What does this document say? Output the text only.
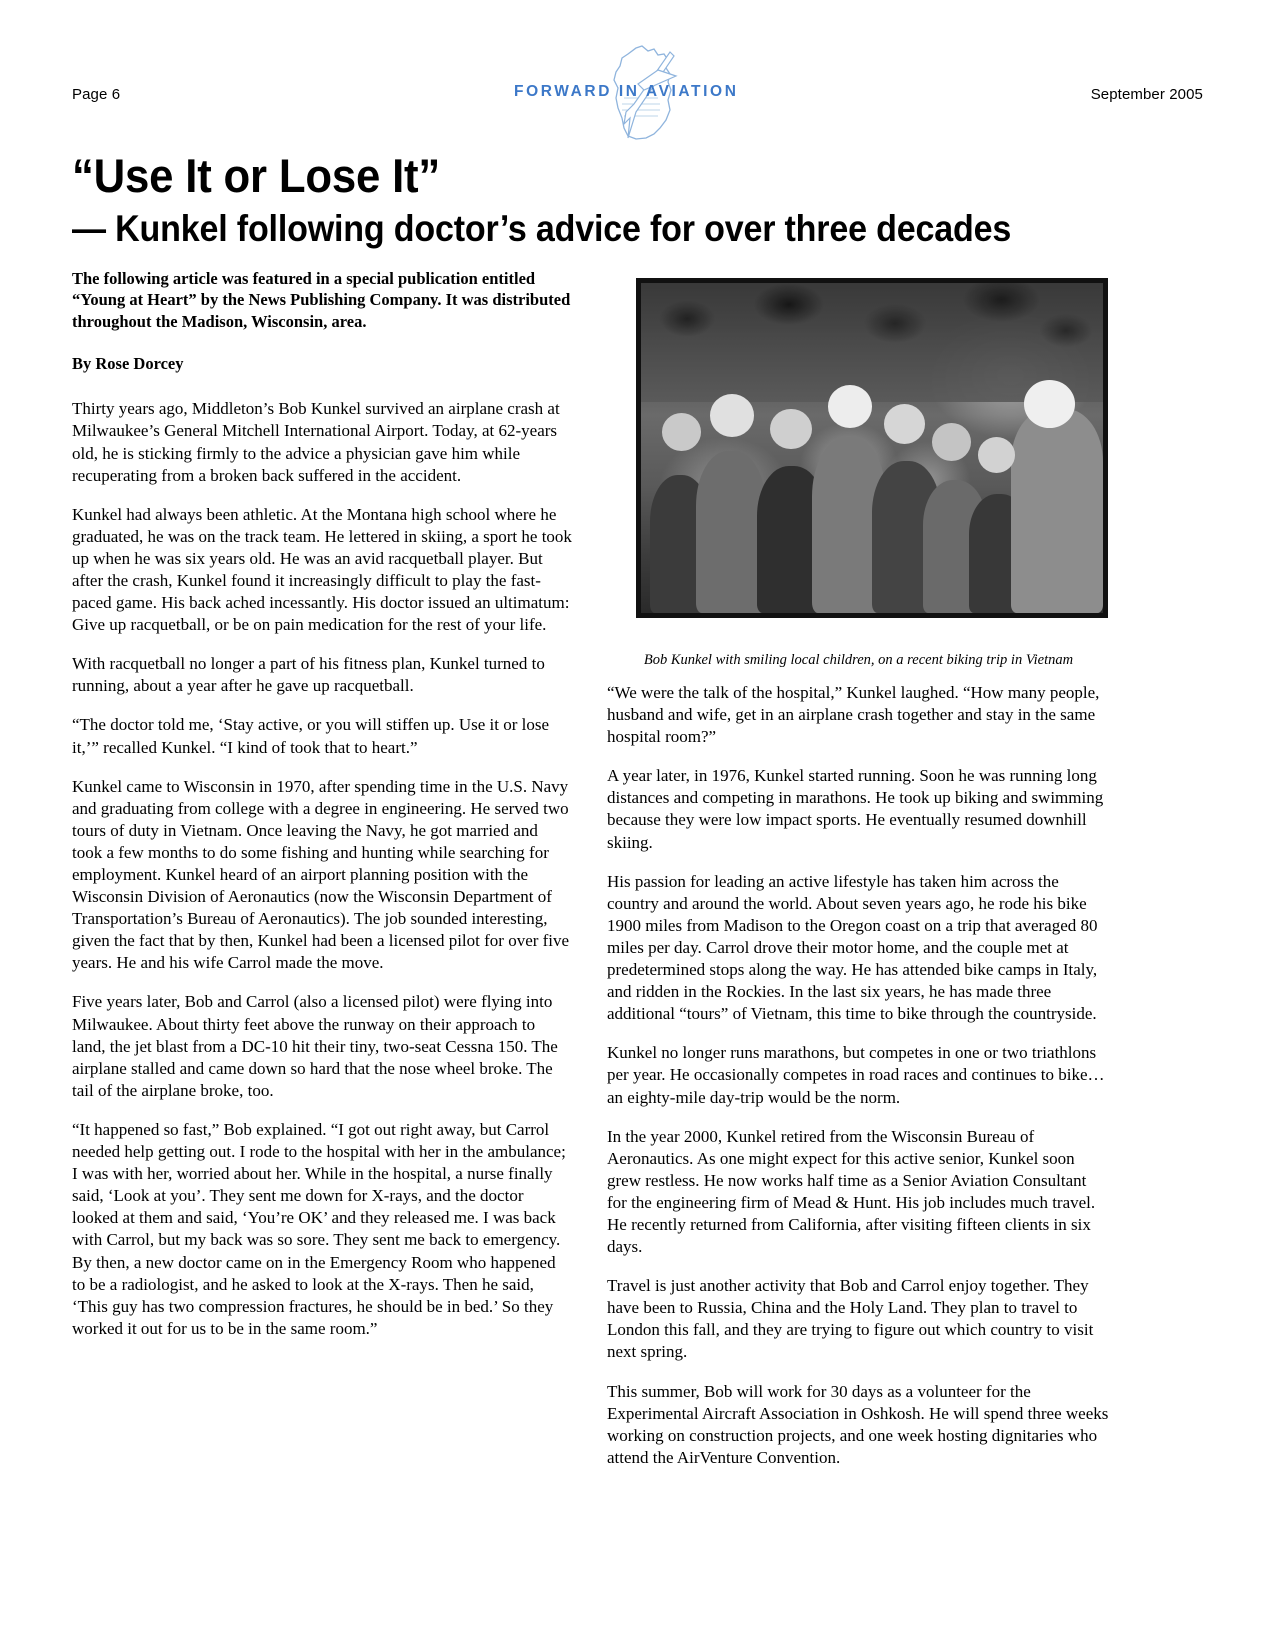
Page 6	FORWARD IN AVIATION	September 2005
“Use It or Lose It”
— Kunkel following doctor’s advice for over three decades
Bob Kunkel with smiling local children, on a recent biking trip in Vietnam

The following article was featured in a special publication entitled “Young at Heart” by the News Publishing Company. It was distributed throughout the Madison, Wisconsin, area.

By Rose Dorcey

Thirty years ago, Middleton’s Bob Kunkel survived an airplane crash at Milwaukee’s General Mitchell International Airport. Today, at 62-years old, he is sticking firmly to the advice a physician gave him while recuperating from a broken back suffered in the accident.

Kunkel had always been athletic. At the Montana high school where he graduated, he was on the track team. He lettered in skiing, a sport he took up when he was six years old. He was an avid racquetball player. But after the crash, Kunkel found it increasingly difficult to play the fast-paced game. His back ached incessantly. His doctor issued an ultimatum: Give up racquetball, or be on pain medication for the rest of your life.

With racquetball no longer a part of his fitness plan, Kunkel turned to running, about a year after he gave up racquetball.

“The doctor told me, ‘Stay active, or you will stiffen up. Use it or lose it,’” recalled Kunkel. “I kind of took that to heart.”

Kunkel came to Wisconsin in 1970, after spending time in the U.S. Navy and graduating from college with a degree in engineering. He served two tours of duty in Vietnam. Once leaving the Navy, he got married and took a few months to do some fishing and hunting while searching for employment. Kunkel heard of an airport planning position with the Wisconsin Division of Aeronautics (now the Wisconsin Department of Transportation’s Bureau of Aeronautics). The job sounded interesting, given the fact that by then, Kunkel had been a licensed pilot for over five years. He and his wife Carrol made the move.

Five years later, Bob and Carrol (also a licensed pilot) were flying into Milwaukee. About thirty feet above the runway on their approach to land, the jet blast from a DC-10 hit their tiny, two-seat Cessna 150. The airplane stalled and came down so hard that the nose wheel broke. The tail of the airplane broke, too.

“It happened so fast,” Bob explained. “I got out right away, but Carrol needed help getting out. I rode to the hospital with her in the ambulance; I was with her, worried about her. While in the hospital, a nurse finally said, ‘Look at you’. They sent me down for X-rays, and the doctor looked at them and said, ‘You’re OK’ and they released me. I was back with Carrol, but my back was so sore. They sent me back to emergency. By then, a new doctor came on in the Emergency Room who happened to be a radiologist, and he asked to look at the X-rays. Then he said, ‘This guy has two compression fractures, he should be in bed.’ So they worked it out for us to be in the same room.”

“We were the talk of the hospital,” Kunkel laughed. “How many people, husband and wife, get in an airplane crash together and stay in the same hospital room?”

A year later, in 1976, Kunkel started running. Soon he was running long distances and competing in marathons. He took up biking and swimming because they were low impact sports. He eventually resumed downhill skiing.

His passion for leading an active lifestyle has taken him across the country and around the world. About seven years ago, he rode his bike 1900 miles from Madison to the Oregon coast on a trip that averaged 80 miles per day. Carrol drove their motor home, and the couple met at predetermined stops along the way. He has attended bike camps in Italy, and ridden in the Rockies. In the last six years, he has made three additional “tours” of Vietnam, this time to bike through the countryside.

Kunkel no longer runs marathons, but competes in one or two triathlons per year. He occasionally competes in road races and continues to bike… an eighty-mile day-trip would be the norm.

In the year 2000, Kunkel retired from the Wisconsin Bureau of Aeronautics. As one might expect for this active senior, Kunkel soon grew restless. He now works half time as a Senior Aviation Consultant for the engineering firm of Mead & Hunt. His job includes much travel. He recently returned from California, after visiting fifteen clients in six days.

Travel is just another activity that Bob and Carrol enjoy together. They have been to Russia, China and the Holy Land. They plan to travel to London this fall, and they are trying to figure out which country to visit next spring.

This summer, Bob will work for 30 days as a volunteer for the Experimental Aircraft Association in Oshkosh. He will spend three weeks working on construction projects, and one week hosting dignitaries who attend the AirVenture Convention.
